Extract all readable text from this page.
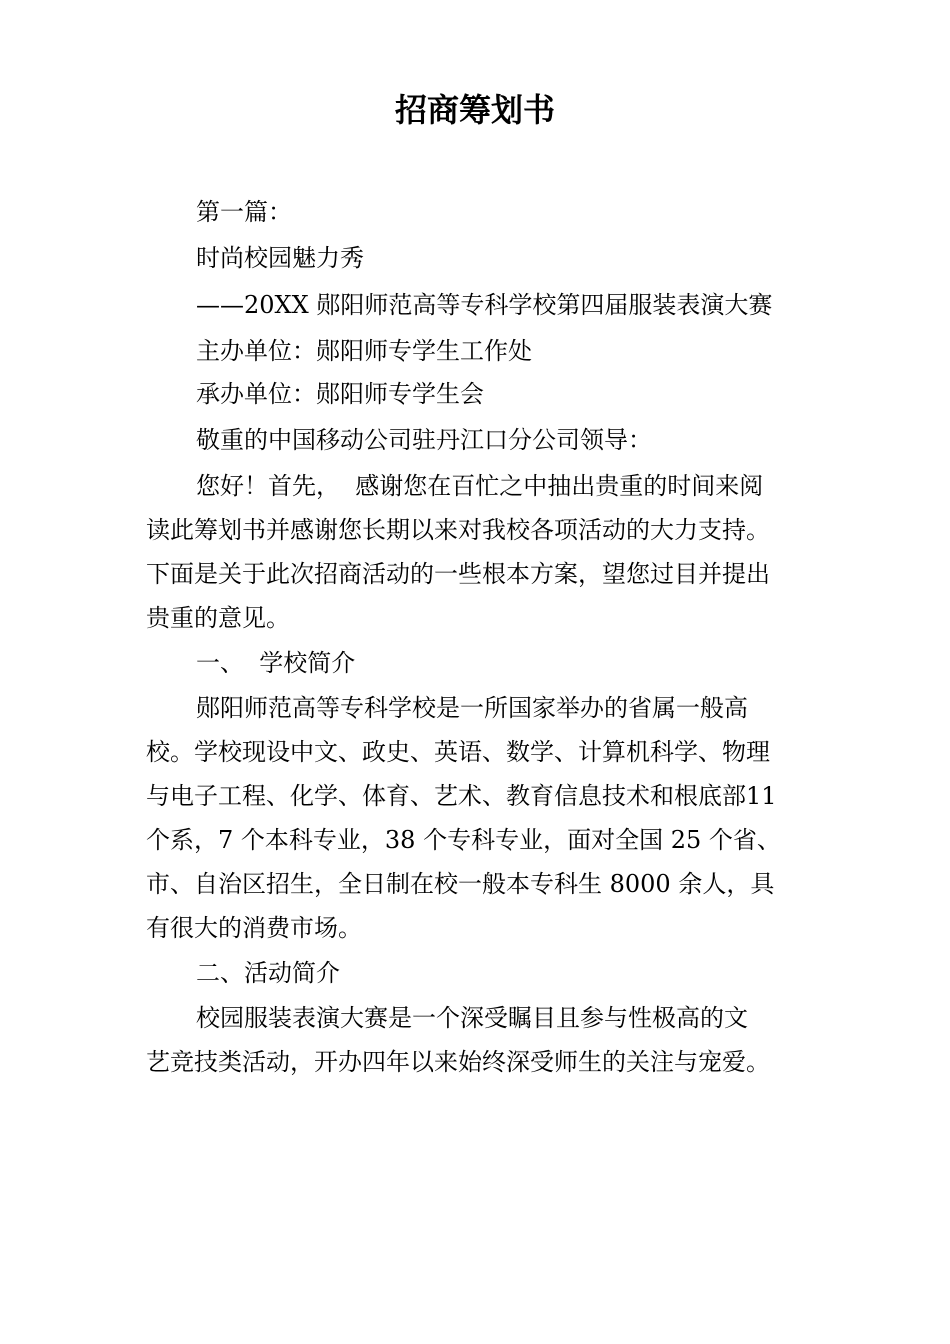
招商筹划书
第一篇：
时尚校园魅力秀
——20XX 郧阳师范高等专科学校第四届服装表演大赛
主办单位：郧阳师专学生工作处
承办单位：郧阳师专学生会
敬重的中国移动公司驻丹江口分公司领导：
您好！首先，  感谢您在百忙之中抽出贵重的时间来阅
读此筹划书并感谢您长期以来对我校各项活动的大力支持。
下面是关于此次招商活动的一些根本方案，望您过目并提出
贵重的意见。
一、  学校简介
郧阳师范高等专科学校是一所国家举办的省属一般高
校。学校现设中文、政史、英语、数学、计算机科学、物理
与电子工程、化学、体育、艺术、教育信息技术和根底部11
个系，7 个本科专业，38 个专科专业，面对全国 25 个省、
市、自治区招生，全日制在校一般本专科生 8000 余人，具
有很大的消费市场。
二、活动简介
校园服装表演大赛是一个深受瞩目且参与性极高的文
艺竞技类活动，开办四年以来始终深受师生的关注与宠爱。
